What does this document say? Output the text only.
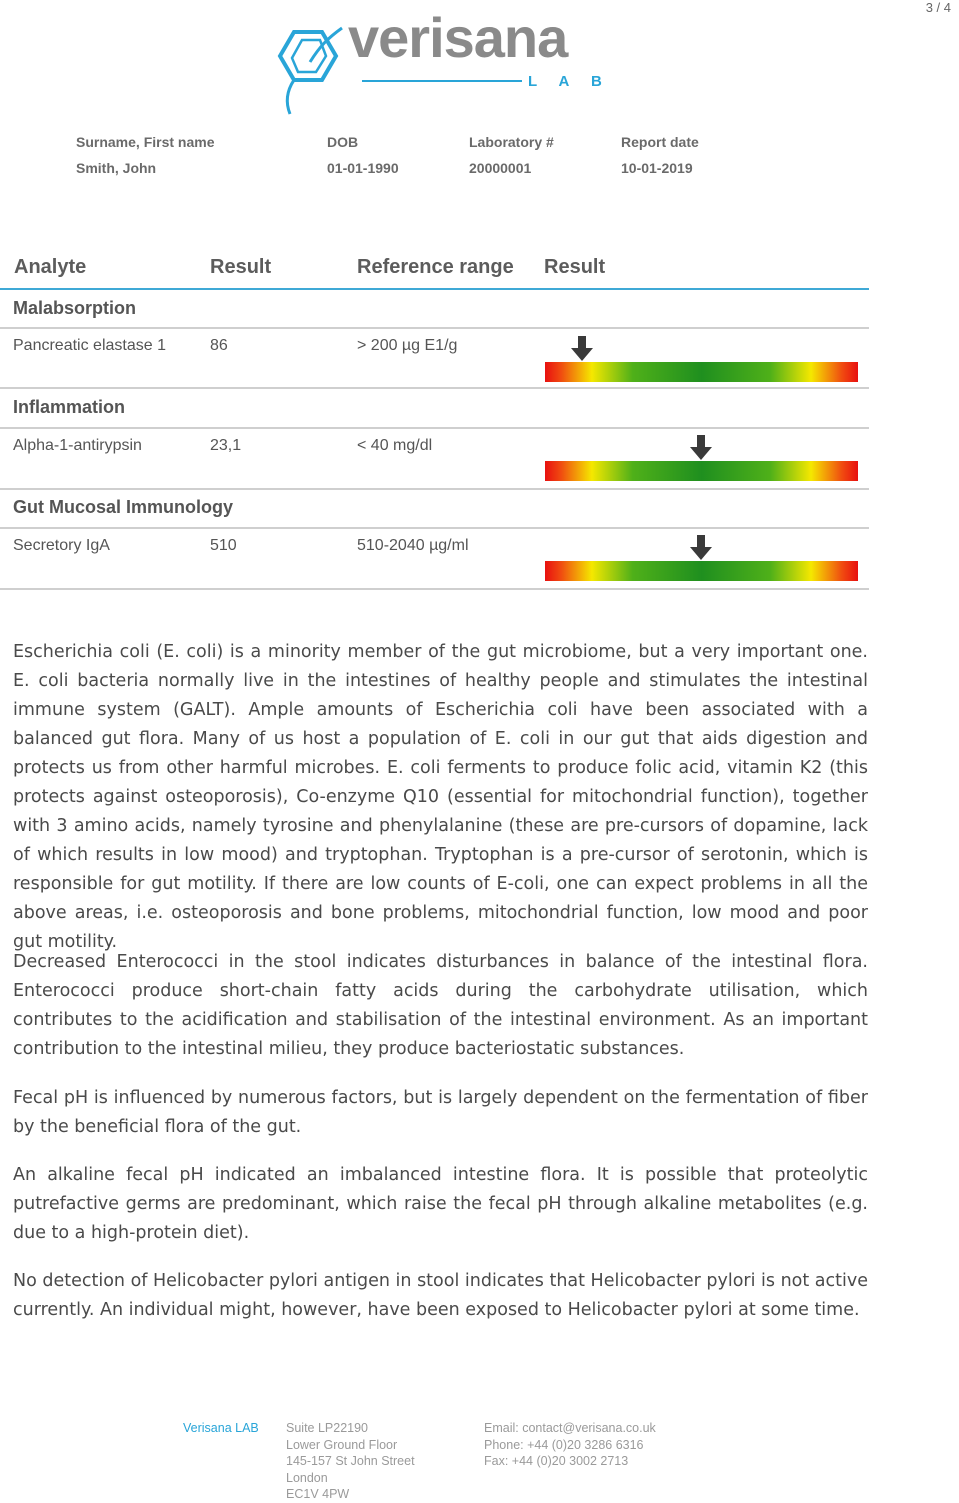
3 / 4
verisana
L A B
Surname, First name
Smith, John
DOB
01-01-1990
Laboratory #
20000001
Report date
10-01-2019
Analyte	Result	Reference range Result
Malabsorption
Pancreatic elastase 1	86	> 200 µg E1/g
Inflammation
Alpha-1-antirypsin	23,1	< 40 mg/dl
Gut Mucosal Immunology
Secretory IgA	510	510-2040 µg/ml

Escherichia coli (E. coli) is a minority member of the gut microbiome, but a very important one. E. coli bacteria normally live in the intestines of healthy people and stimulates the intestinal immune system (GALT). Ample amounts of Escherichia coli have been associated with a balanced gut flora. Many of us host a population of E. coli in our gut that aids digestion and protects us from other harmful microbes. E. coli ferments to produce folic acid, vitamin K2 (this protects against osteoporosis), Co-enzyme Q10 (essential for mitochondrial function), together with 3 amino acids, namely tyrosine and phenylalanine (these are pre-cursors of dopamine, lack of which results in low mood) and tryptophan. Tryptophan is a pre-cursor of serotonin, which is responsible for gut motility. If there are low counts of E-coli, one can expect problems in all the above areas, i.e. osteoporosis and bone problems, mitochondrial function, low mood and poor gut motility.

Decreased Enterococci in the stool indicates disturbances in balance of the intestinal flora. Enterococci produce short-chain fatty acids during the carbohydrate utilisation, which contributes to the acidification and stabilisation of the intestinal environment. As an important contribution to the intestinal milieu, they produce bacteriostatic substances.

Fecal pH is influenced by numerous factors, but is largely dependent on the fermentation of fiber by the beneficial flora of the gut.

An alkaline fecal pH indicated an imbalanced intestine flora. It is possible that proteolytic putrefactive germs are predominant, which raise the fecal pH through alkaline metabolites (e.g. due to a high-protein diet).

No detection of Helicobacter pylori antigen in stool indicates that Helicobacter pylori is not active currently. An individual might, however, have been exposed to Helicobacter pylori at some time.

Verisana LAB Suite LP22190
Lower Ground Floor
145-157 St John Street
London
EC1V 4PW
Email: contact@verisana.co.uk
Phone: +44 (0)20 3286 6316
Fax: +44 (0)20 3002 2713
